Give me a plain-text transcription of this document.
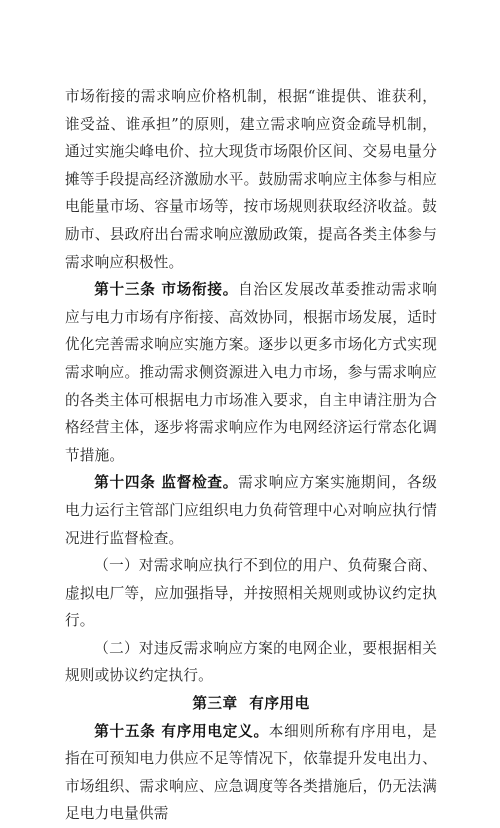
市场衔接的需求响应价格机制，根据“谁提供、谁获利，谁受益、谁承担”的原则，建立需求响应资金疏导机制，通过实施尖峰电价、拉大现货市场限价区间、交易电量分摊等手段提高经济激励水平。鼓励需求响应主体参与相应电能量市场、容量市场等，按市场规则获取经济收益。鼓励市、县政府出台需求响应激励政策，提高各类主体参与需求响应积极性。

第十三条 市场衔接。自治区发展改革委推动需求响应与电力市场有序衔接、高效协同，根据市场发展，适时优化完善需求响应实施方案。逐步以更多市场化方式实现需求响应。推动需求侧资源进入电力市场，参与需求响应的各类主体可根据电力市场准入要求，自主申请注册为合格经营主体，逐步将需求响应作为电网经济运行常态化调节措施。

第十四条 监督检查。需求响应方案实施期间，各级电力运行主管部门应组织电力负荷管理中心对响应执行情况进行监督检查。

（一）对需求响应执行不到位的用户、负荷聚合商、虚拟电厂等，应加强指导，并按照相关规则或协议约定执行。

（二）对违反需求响应方案的电网企业，要根据相关规则或协议约定执行。

第三章 有序用电

第十五条 有序用电定义。本细则所称有序用电，是指在可预知电力供应不足等情况下，依靠提升发电出力、市场组织、需求响应、应急调度等各类措施后，仍无法满足电力电量供需
